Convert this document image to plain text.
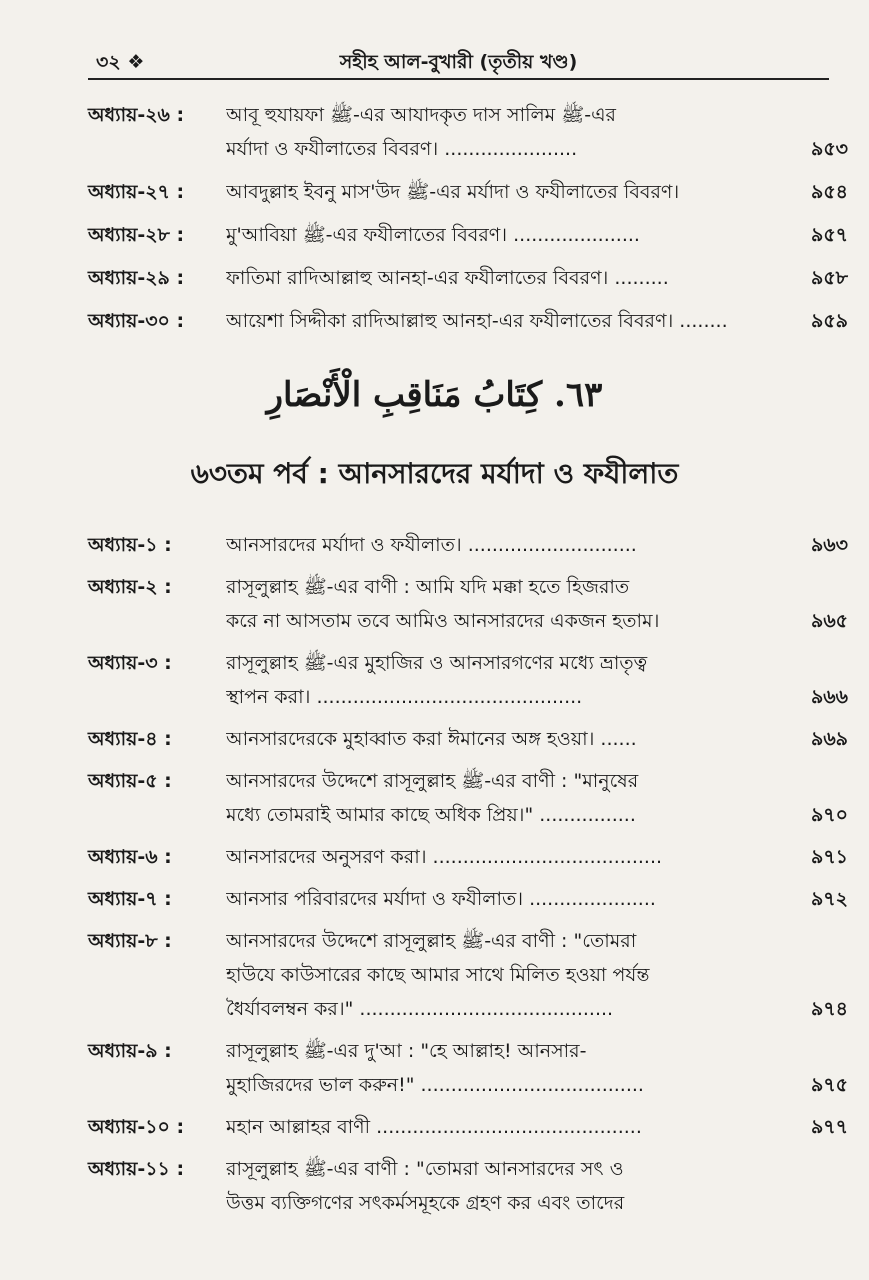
৩২ ❖	সহীহ আল-বুখারী (তৃতীয় খণ্ড)
অধ্যায়-২৬ : আবূ হুযায়ফা ﷺ-এর আযাদকৃত দাস সালিম ﷺ-এর
মর্যাদা ও ফযীলাতের বিবরণ। ......................	৯৫৩
অধ্যায়-২৭ : আবদুল্লাহ ইবনু মাস'উদ ﷺ-এর মর্যাদা ও ফযীলাতের বিবরণ।	৯৫৪
অধ্যায়-২৮ : মু'আবিয়া ﷺ-এর ফযীলাতের বিবরণ। .....................	৯৫৭
অধ্যায়-২৯ : ফাতিমা রাদিআল্লাহু আনহা-এর ফযীলাতের বিবরণ। .........	৯৫৮
অধ্যায়-৩০ : আয়েশা সিদ্দীকা রাদিআল্লাহু আনহা-এর ফযীলাতের বিবরণ। ........	৯৫৯
٦٣. كِتَابُ مَنَاقِبِ الْأَنْصَارِ
৬৩তম পর্ব : আনসারদের মর্যাদা ও ফযীলাত
অধ্যায়-১ :	আনসারদের মর্যাদা ও ফযীলাত। ............................	৯৬৩
অধ্যায়-২ :	রাসূলুল্লাহ ﷺ-এর বাণী : আমি যদি মক্কা হতে হিজরাত
করে না আসতাম তবে আমিও আনসারদের একজন হতাম।	৯৬৫
অধ্যায়-৩ :	রাসূলুল্লাহ ﷺ-এর মুহাজির ও আনসারগণের মধ্যে ভ্রাতৃত্ব
স্থাপন করা। ............................................	৯৬৬
অধ্যায়-৪ :	আনসারদেরকে মুহাব্বাত করা ঈমানের অঙ্গ হওয়া। ......	৯৬৯
অধ্যায়-৫ :	আনসারদের উদ্দেশে রাসূলুল্লাহ ﷺ-এর বাণী : "মানুষের
মধ্যে তোমরাই আমার কাছে অধিক প্রিয়।" ................	৯৭০
অধ্যায়-৬ :	আনসারদের অনুসরণ করা। ......................................	৯৭১
অধ্যায়-৭ :	আনসার পরিবারদের মর্যাদা ও ফযীলাত। .....................	৯৭২
অধ্যায়-৮ :	আনসারদের উদ্দেশে রাসূলুল্লাহ ﷺ-এর বাণী : "তোমরা
হাউযে কাউসারের কাছে আমার সাথে মিলিত হওয়া পর্যন্ত
ধৈর্যাবলম্বন কর।" ..........................................	৯৭৪
অধ্যায়-৯ :	রাসূলুল্লাহ ﷺ-এর দু'আ : "হে আল্লাহ! আনসার-
মুহাজিরদের ভাল করুন!" .....................................	৯৭৫
অধ্যায়-১০ : মহান আল্লাহর বাণী ............................................	৯৭৭
অধ্যায়-১১ : রাসূলুল্লাহ ﷺ-এর বাণী : "তোমরা আনসারদের সৎ ও
উত্তম ব্যক্তিগণের সৎকর্মসমূহকে গ্রহণ কর এবং তাদের
